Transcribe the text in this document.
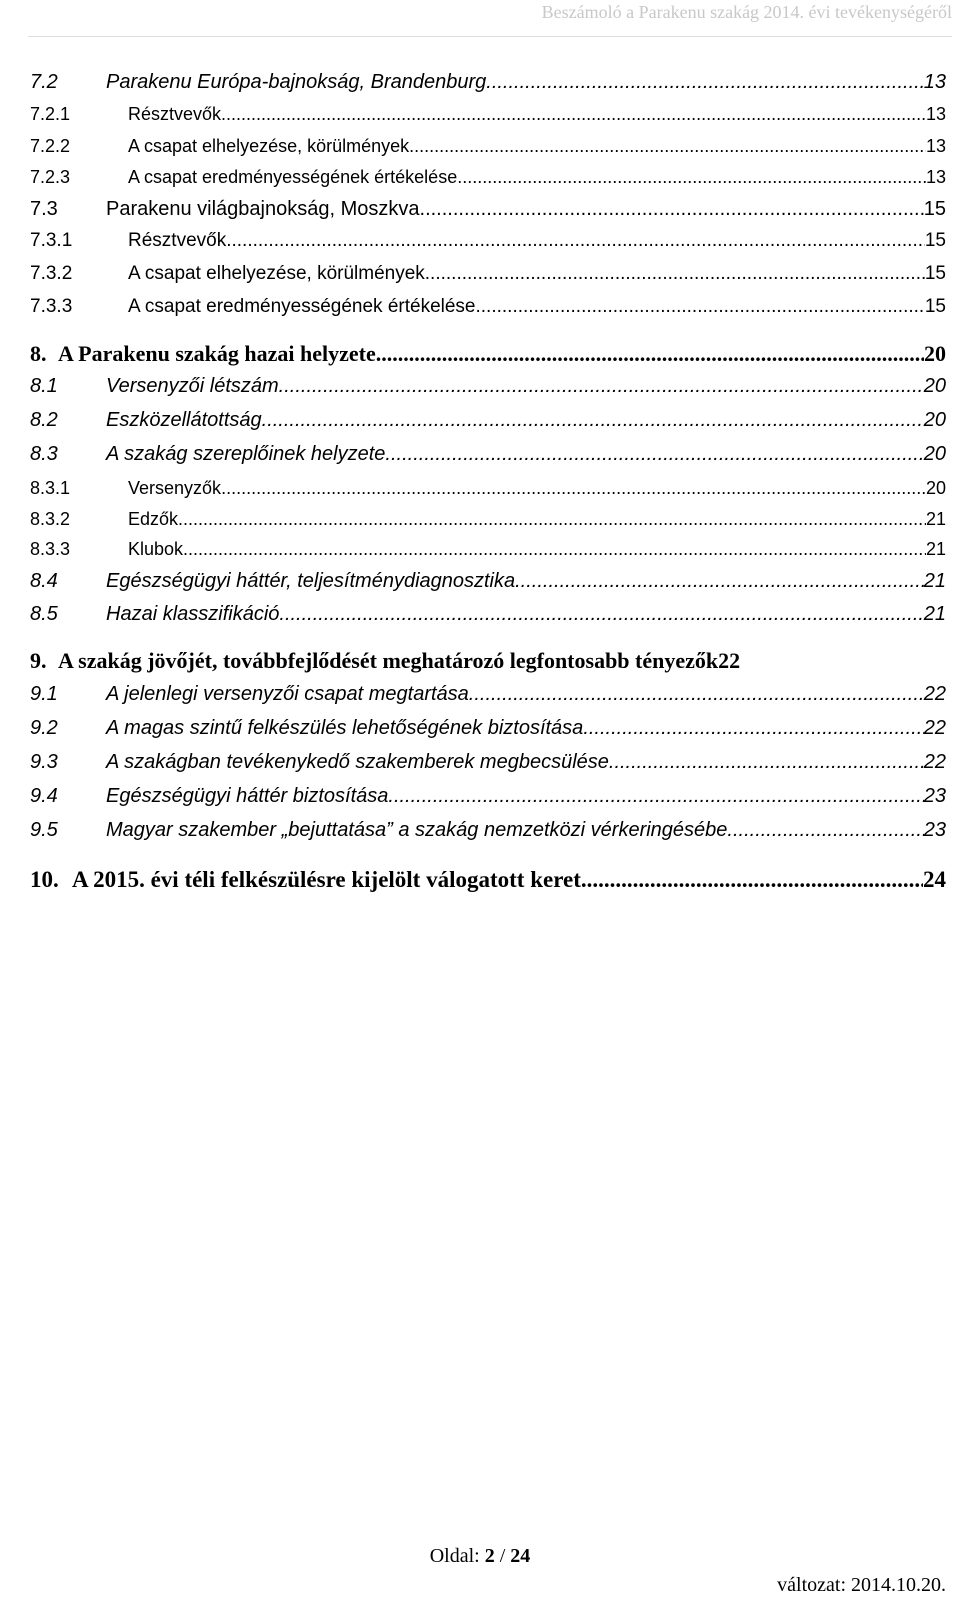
Beszámoló a Parakenu szakág 2014. évi tevékenységéről
7.2	Parakenu Európa-bajnokság, Brandenburg .....	13
7.2.1	Résztvevők .....	13
7.2.2	A csapat elhelyezése, körülmények .....	13
7.2.3	A csapat eredményességének értékelése .....	13
7.3	Parakenu világbajnokság, Moszkva .....	15
7.3.1	Résztvevők .....	15
7.3.2	A csapat elhelyezése, körülmények .....	15
7.3.3	A csapat eredményességének értékelése .....	15
8. A Parakenu szakág hazai helyzete .....	20
8.1	Versenyzői létszám .....	20
8.2	Eszközellátottság .....	20
8.3	A szakág szereplőinek helyzete .....	20
8.3.1	Versenyzők .....	20
8.3.2	Edzők .....	21
8.3.3	Klubok .....	21
8.4	Egészségügyi háttér, teljesítménydiagnosztika .....	21
8.5	Hazai klasszifikáció .....	21
9. A szakág jövőjét, továbbfejlődését meghatározó legfontosabb tényezők 22
9.1	A jelenlegi versenyzői csapat megtartása .....	22
9.2	A magas szintű felkészülés lehetőségének biztosítása .....	22
9.3	A szakágban tevékenykedő szakemberek megbecsülése .....	22
9.4	Egészségügyi háttér biztosítása .....	23
9.5	Magyar szakember „bejuttatása” a szakág nemzetközi vérkeringésébe .....	23
10. A 2015. évi téli felkészülésre kijelölt válogatott keret .....	24
Oldal: 2 / 24
változat: 2014.10.20.
